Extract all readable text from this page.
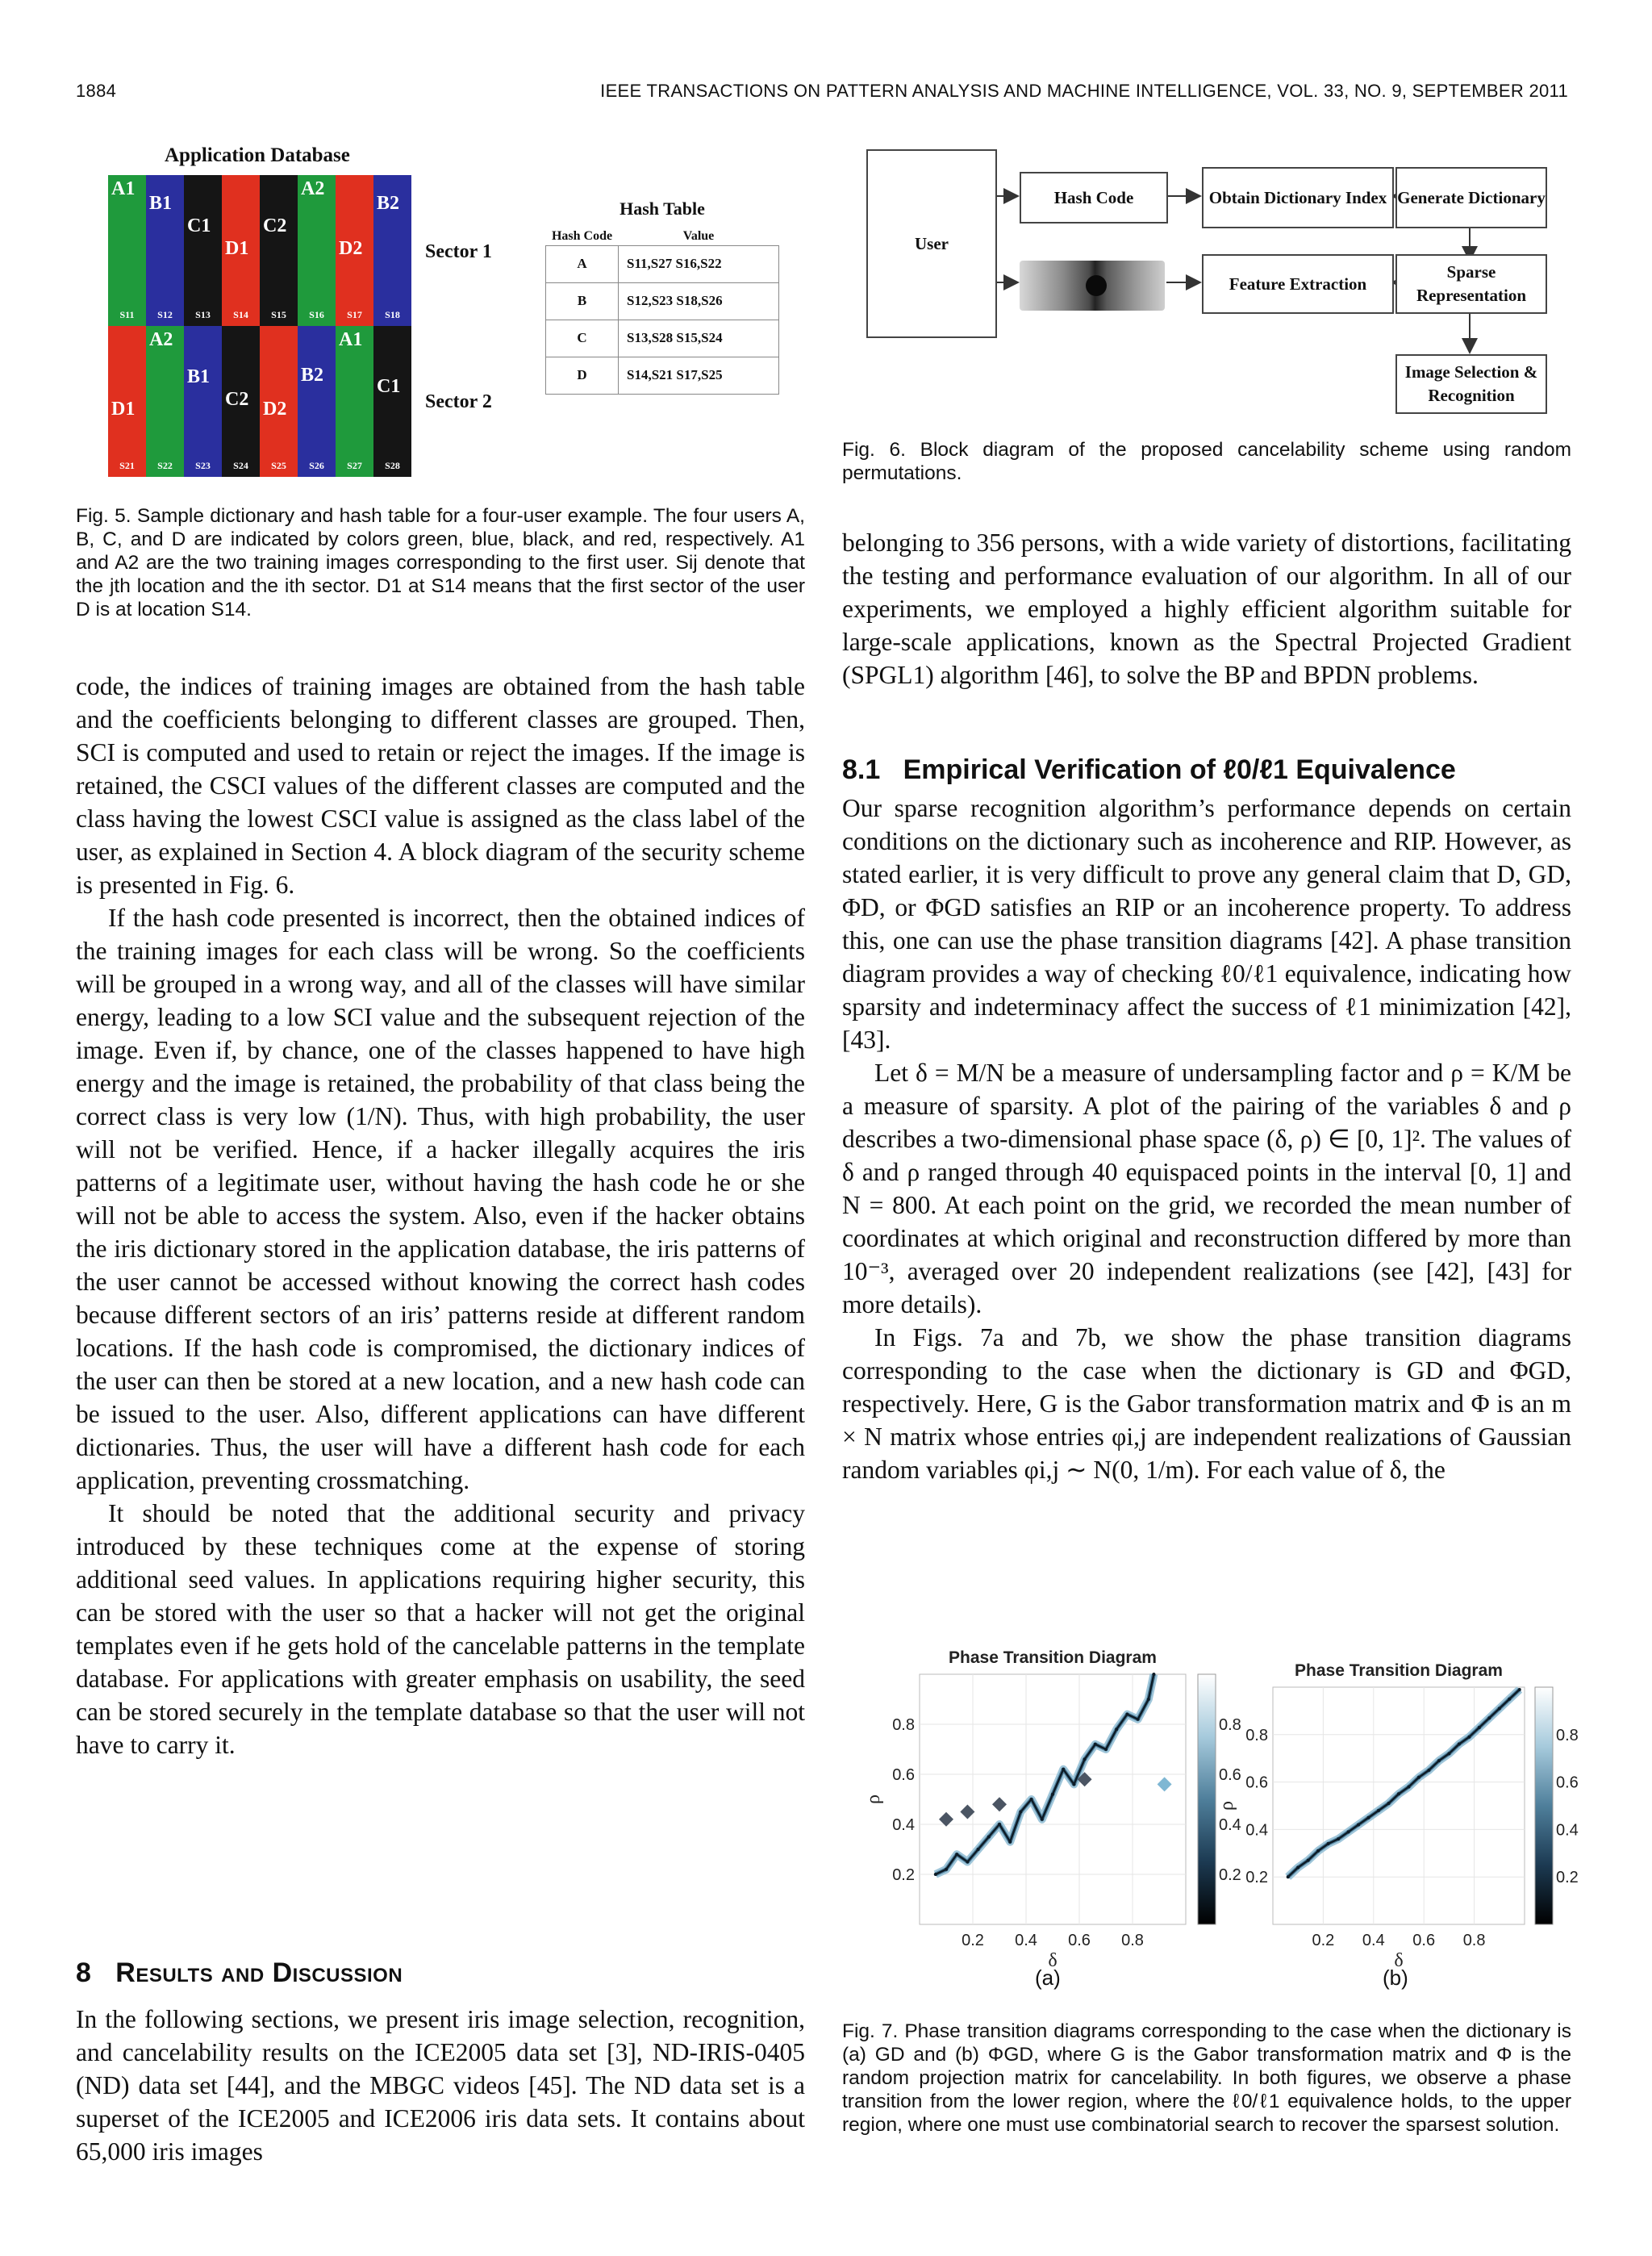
1884	IEEE TRANSACTIONS ON PATTERN ANALYSIS AND MACHINE INTELLIGENCE, VOL. 33, NO. 9, SEPTEMBER 2011
Application Database
A1
S11
B1
S12
C1
S13
D1
S14
C2
S15
A2
S16
D2
S17
B2
S18
D1
S21
A2
S22
B1
S23
C2
S24
D2
S25
B2
S26
A1
S27
C1
S28
Sector 1
Sector 2
Hash Table
Hash Code	Value
A	S11,S27 S16,S22
B	S12,S23 S18,S26
C	S13,S28 S15,S24
D	S14,S21 S17,S25
Fig. 5. Sample dictionary and hash table for a four-user example. The four users A, B, C, and D are indicated by colors green, blue, black, and red, respectively. A1 and A2 are the two training images corresponding to the first user. Sij denote that the jth location and the ith sector. D1 at S14 means that the first sector of the user D is at location S14.
User
Hash Code	Obtain Dictionary Index Generate Dictionary
Feature Extraction
Sparse Representation
Image Selection & Recognition
Fig. 6. Block diagram of the proposed cancelability scheme using random permutations.

code, the indices of training images are obtained from the hash table and the coefficients belonging to different classes are grouped. Then, SCI is computed and used to retain or reject the images. If the image is retained, the CSCI values of the different classes are computed and the class having the lowest CSCI value is assigned as the class label of the user, as explained in Section 4. A block diagram of the security scheme is presented in Fig. 6.

If the hash code presented is incorrect, then the obtained indices of the training images for each class will be wrong. So the coefficients will be grouped in a wrong way, and all of the classes will have similar energy, leading to a low SCI value and the subsequent rejection of the image. Even if, by chance, one of the classes happened to have high energy and the image is retained, the probability of that class being the correct class is very low (1/N). Thus, with high probability, the user will not be verified. Hence, if a hacker illegally acquires the iris patterns of a legitimate user, without having the hash code he or she will not be able to access the system. Also, even if the hacker obtains the iris dictionary stored in the application database, the iris patterns of the user cannot be accessed without knowing the correct hash codes because different sectors of an iris’ patterns reside at different random locations. If the hash code is compromised, the dictionary indices of the user can then be stored at a new location, and a new hash code can be issued to the user. Also, different applications can have different dictionaries. Thus, the user will have a different hash code for each application, preventing crossmatching.

It should be noted that the additional security and privacy introduced by these techniques come at the expense of storing additional seed values. In applications requiring higher security, this can be stored with the user so that a hacker will not get the original templates even if he gets hold of the cancelable patterns in the template database. For applications with greater emphasis on usability, the seed can be stored securely in the template database so that the user will not have to carry it.

8 Results and Discussion
In the following sections, we present iris image selection, recognition, and cancelability results on the ICE2005 data set [3], ND-IRIS-0405 (ND) data set [44], and the MBGC videos [45]. The ND data set is a superset of the ICE2005 and ICE2006 iris data sets. It contains about 65,000 iris images
belonging to 356 persons, with a wide variety of distortions, facilitating the testing and performance evaluation of our algorithm. In all of our experiments, we employed a highly efficient algorithm suitable for large-scale applications, known as the Spectral Projected Gradient (SPGL1) algorithm [46], to solve the BP and BPDN problems.
8.1 Empirical Verification of ℓ0/ℓ1 Equivalence

Our sparse recognition algorithm’s performance depends on certain conditions on the dictionary such as incoherence and RIP. However, as stated earlier, it is very difficult to prove any general claim that D, GD, ΦD, or ΦGD satisfies an RIP or an incoherence property. To address this, one can use the phase transition diagrams [42]. A phase transition diagram provides a way of checking ℓ0/ℓ1 equivalence, indicating how sparsity and indeterminacy affect the success of ℓ1 minimization [42], [43].

Let δ = M/N be a measure of undersampling factor and ρ = K/M be a measure of sparsity. A plot of the pairing of the variables δ and ρ describes a two-dimensional phase space (δ, ρ) ∈ [0, 1]². The values of δ and ρ ranged through 40 equispaced points in the interval [0, 1] and N = 800. At each point on the grid, we recorded the mean number of coordinates at which original and reconstruction differed by more than 10⁻³, averaged over 20 independent realizations (see [42], [43] for more details).

In Figs. 7a and 7b, we show the phase transition diagrams corresponding to the case when the dictionary is GD and ΦGD, respectively. Here, G is the Gabor transformation matrix and Φ is an m × N matrix whose entries φi,j are independent realizations of Gaussian random variables φi,j ∼ N(0, 1/m). For each value of δ, the

0.2 0.4 0.6 0.8
0.2
0.4
0.6
0.8
Phase Transition Diagram
δ
ρ
0.8
0.6
0.4
0.2
0.2 0.4 0.6 0.8
0.2
0.4
0.6
0.8
Phase Transition Diagram
δ
ρ
0.8
0.6
0.4
0.2
(a)	(b)
Fig. 7. Phase transition diagrams corresponding to the case when the dictionary is (a) GD and (b) ΦGD, where G is the Gabor transformation matrix and Φ is the random projection matrix for cancelability. In both figures, we observe a phase transition from the lower region, where the ℓ0/ℓ1 equivalence holds, to the upper region, where one must use combinatorial search to recover the sparsest solution.
